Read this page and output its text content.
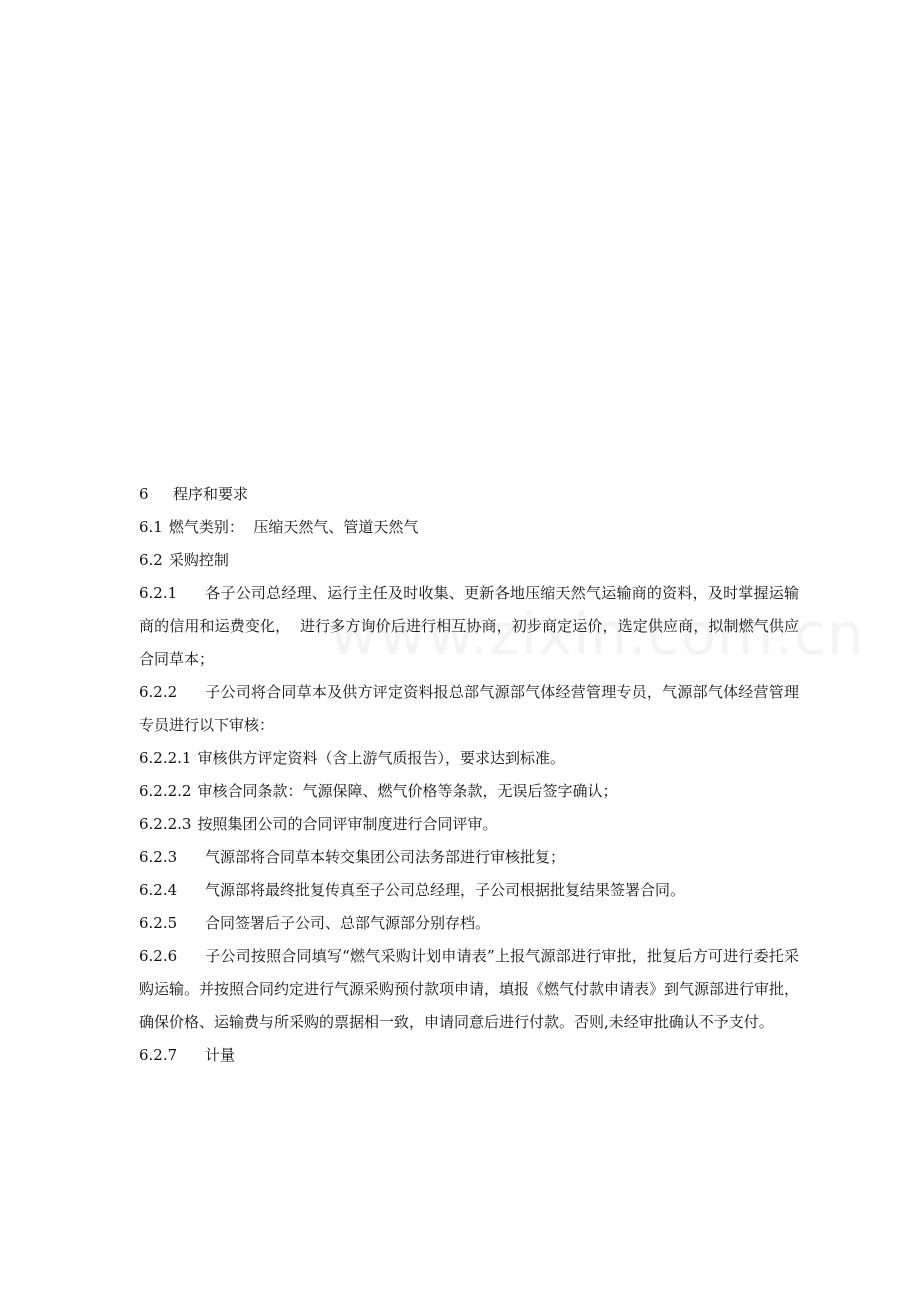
6 程序和要求
6.1 燃气类别：  压缩天然气、管道天然气
6.2 采购控制
6.2.1 各子公司总经理、运行主任及时收集、更新各地压缩天然气运输商的资料，及时掌握运输商的信用和运费变化，  进行多方询价后进行相互协商，初步商定运价，选定供应商，拟制燃气供应合同草本；
6.2.2 子公司将合同草本及供方评定资料报总部气源部气体经营管理专员，气源部气体经营管理专员进行以下审核：
6.2.2.1 审核供方评定资料（含上游气质报告），要求达到标准。
6.2.2.2 审核合同条款：气源保障、燃气价格等条款，无误后签字确认；
6.2.2.3 按照集团公司的合同评审制度进行合同评审。
6.2.3 气源部将合同草本转交集团公司法务部进行审核批复；
6.2.4 气源部将最终批复传真至子公司总经理，子公司根据批复结果签署合同。
6.2.5 合同签署后子公司、总部气源部分别存档。
6.2.6 子公司按照合同填写“燃气采购计划申请表”上报气源部进行审批，批复后方可进行委托采购运输。并按照合同约定进行气源采购预付款项申请，填报《燃气付款申请表》到气源部进行审批，确保价格、运输费与所采购的票据相一致，申请同意后进行付款。否则,未经审批确认不予支付。
6.2.7 计量
